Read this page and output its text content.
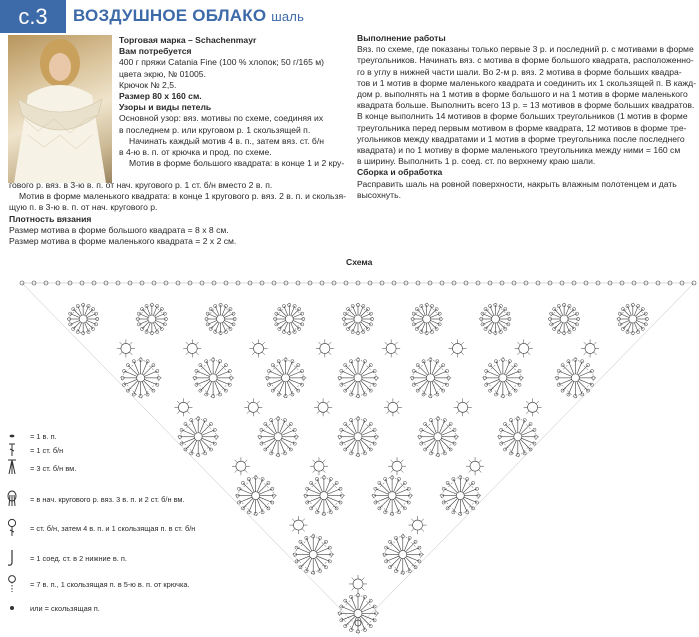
с.3	ВОЗДУШНОЕ ОБЛАКО шаль

Торговая марка – Schachenmayr

Вам потребуется

400 г пряжи Catania Fine (100 % хлопок; 50 г/165 м)

цвета экрю, № 01005.

Крючок № 2,5.

Размер 80 х 160 см.

Узоры и виды петель

Основной узор: вяз. мотивы по схеме, соединяя их

в последнем р. или круговом р. 1 скользящей п.

Начинать каждый мотив 4 в. п., затем вяз. ст. б/н

в 4-ю в. п. от крючка и прод. по схеме.

Мотив в форме большого квадрата: в конце 1 и 2 кру-

гового р. вяз. в 3-ю в. п. от нач. кругового р. 1 ст. б/н вместо 2 в. п.

Мотив в форме маленького квадрата: в конце 1 кругового р. вяз. 2 в. п. и скользя-

щую п. в 3-ю в. п. от нач. кругового р.

Плотность вязания

Размер мотива в форме большого квадрата = 8 х 8 см.

Размер мотива в форме маленького квадрата = 2 х 2 см.

Выполнение работы

Вяз. по схеме, где показаны только первые 3 р. и последний р. с мотивами в форме

треугольников. Начинать вяз. с мотива в форме большого квадрата, расположенно-

го в углу в нижней части шали. Во 2-м р. вяз. 2 мотива в форме больших квадра-

тов и 1 мотив в форме маленького квадрата и соединить их 1 скользящей п. В кажд-

дом р. выполнять на 1 мотив в форме большого и на 1 мотив в форме маленького

квадрата больше. Выполнить всего 13 р. = 13 мотивов в форме больших квадратов.

В конце выполнить 14 мотивов в форме больших треугольников (1 мотив в форме

треугольника перед первым мотивом в форме квадрата, 12 мотивов в форме тре-

угольников между квадратами и 1 мотив в форме треугольника после последнего

квадрата) и по 1 мотиву в форме маленького треугольника между ними = 160 см

в ширину. Выполнить 1 р. соед. ст. по верхнему краю шали.

Сборка и обработка

Расправить шаль на ровной поверхности, накрыть влажным полотенцем и дать

высохнуть.

Схема
= 1 в. п.
= 1 ст. б/н
= 3 ст. б/н вм.
= в нач. кругового р. вяз. 3 в. п. и 2 ст. б/н вм.
= ст. б/н, затем 4 в. п. и 1 скользящая п. в ст. б/н
= 1 соед. ст. в 2 нижние в. п.
= 7 в. п., 1 скользящая п. в 5-ю в. п. от крючка.
или = скользящая п.
